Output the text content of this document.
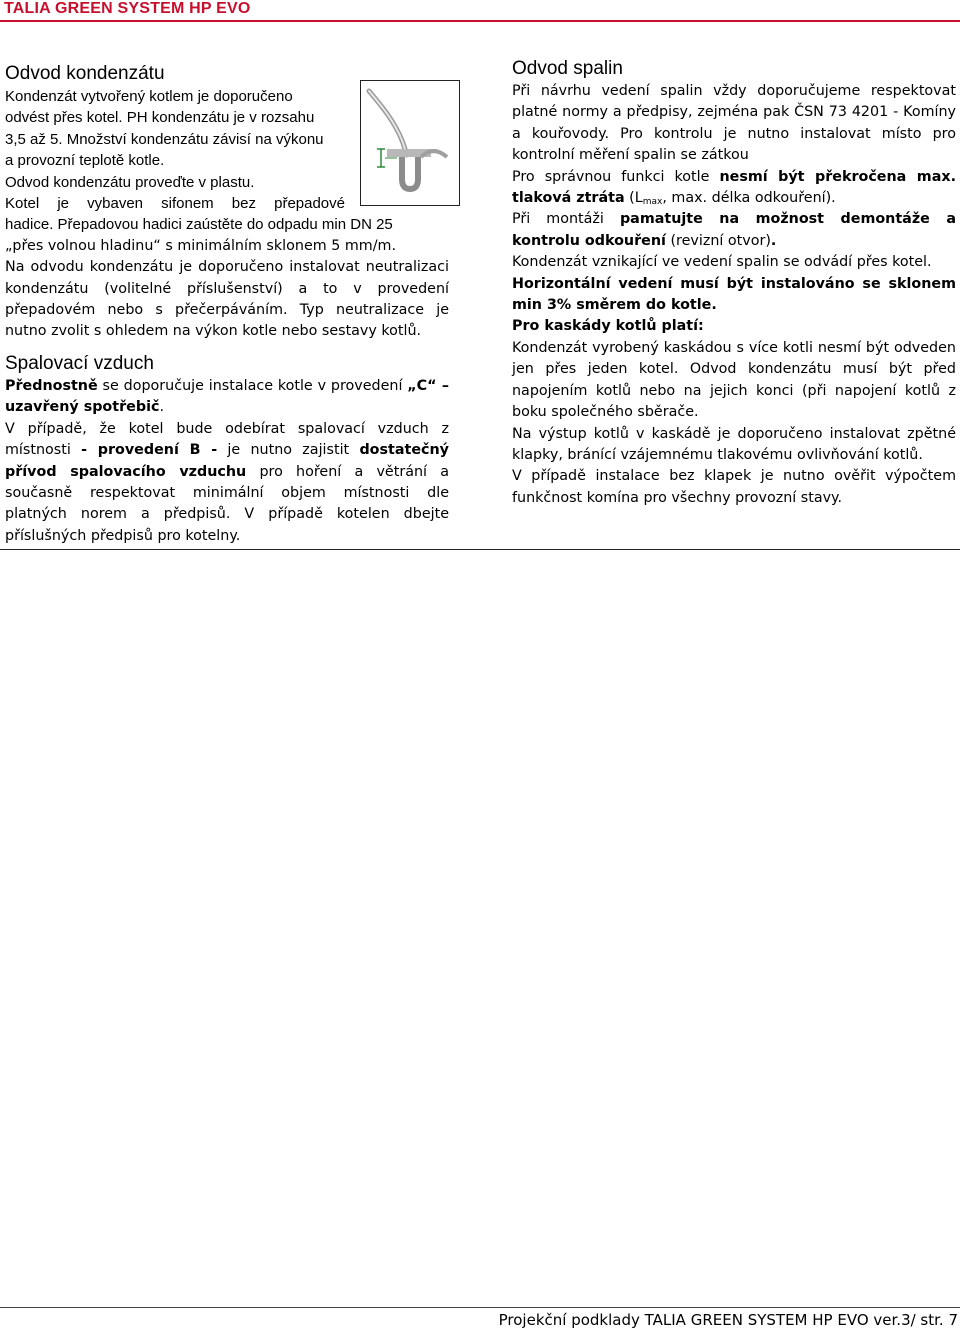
TALIA GREEN SYSTEM HP EVO
Odvod kondenzátu
Kondenzát vytvořený kotlem je doporučeno
odvést přes kotel. PH kondenzátu je v rozsahu
3,5 až 5. Množství kondenzátu závisí na výkonu
a provozní teplotě kotle.
Odvod kondenzátu proveďte v plastu.
Kotel je vybaven sifonem bez přepadové
hadice. Přepadovou hadici zaústěte do odpadu min DN 25

„přes volnou hladinu“ s minimálním sklonem 5 mm/m.

Na odvodu kondenzátu je doporučeno instalovat neutralizaci kondenzátu (volitelné příslušenství) a to v provedení přepadovém nebo s přečerpáváním. Typ neutralizace je nutno zvolit s ohledem na výkon kotle nebo sestavy kotlů.

Spalovací vzduch

Přednostně se doporučuje instalace kotle v provedení „C“ – uzavřený spotřebič.

V případě, že kotel bude odebírat spalovací vzduch z místnosti - provedení B - je nutno zajistit dostatečný přívod spalovacího vzduchu pro hoření a větrání a současně respektovat minimální objem místnosti dle platných norem a předpisů. V případě kotelen dbejte příslušných předpisů pro kotelny.

Odvod spalin

Při návrhu vedení spalin vždy doporučujeme respektovat platné normy a předpisy, zejména pak ČSN 73 4201 - Komíny a kouřovody. Pro kontrolu je nutno instalovat místo pro kontrolní měření spalin se zátkou

Pro správnou funkci kotle nesmí být překročena max. tlaková ztráta ($L_{max}$, max. délka odkouření).

Při montáži pamatujte na možnost demontáže a kontrolu odkouření (revizní otvor).

Kondenzát vznikající ve vedení spalin se odvádí přes kotel.

Horizontální vedení musí být instalováno se sklonem min 3% směrem do kotle.

Pro kaskády kotlů platí:

Kondenzát vyrobený kaskádou s více kotli nesmí být odveden jen přes jeden kotel. Odvod kondenzátu musí být před napojením kotlů nebo na jejich konci (při napojení kotlů z boku společného sběrače.

Na výstup kotlů v kaskádě je doporučeno instalovat zpětné klapky, bránící vzájemnému tlakovému ovlivňování kotlů.

V případě instalace bez klapek je nutno ověřit výpočtem funkčnost komína pro všechny provozní stavy.

Projekční podklady TALIA GREEN SYSTEM HP EVO ver.3/ str. 7
